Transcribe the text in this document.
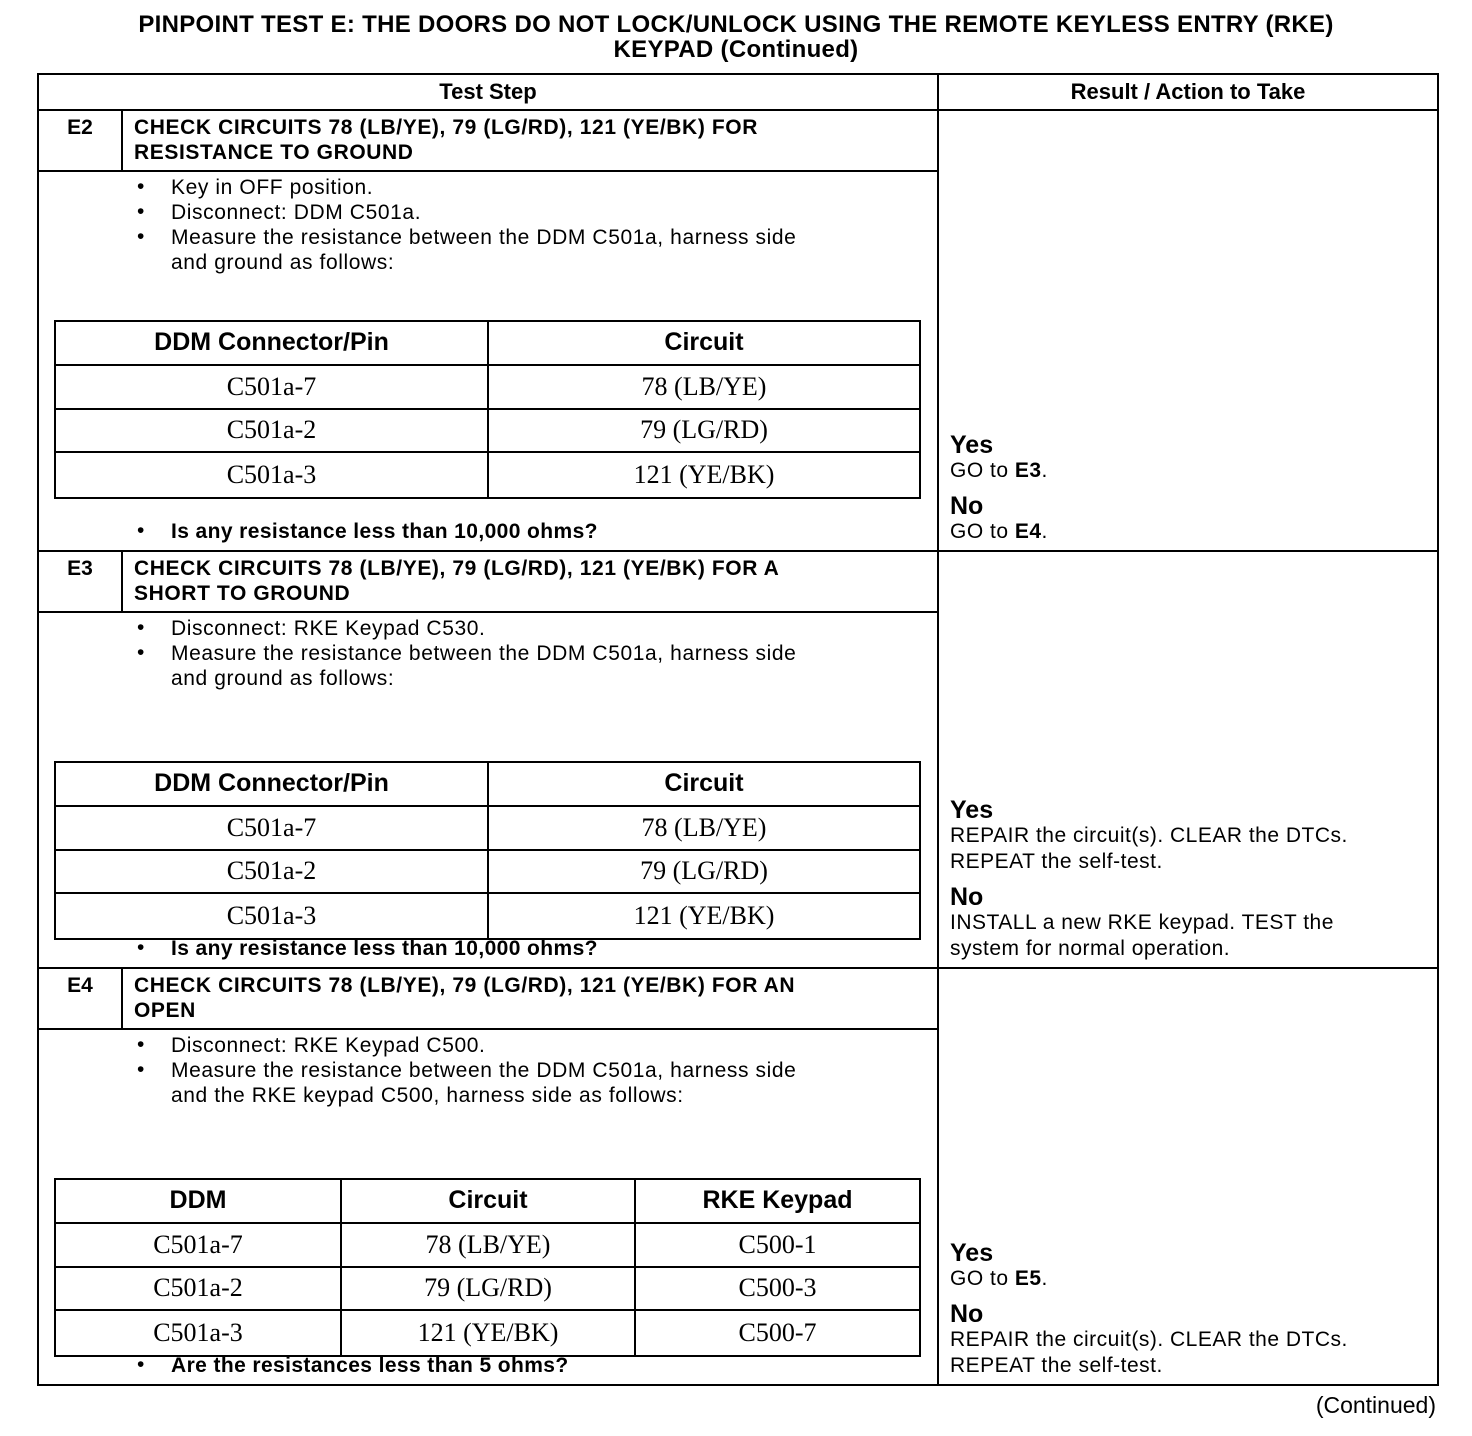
PINPOINT TEST E: THE DOORS DO NOT LOCK/UNLOCK USING THE REMOTE KEYLESS ENTRY (RKE)
KEYPAD (Continued)
Test Step	Result / Action to Take
E2	CHECK CIRCUITS 78 (LB/YE), 79 (LG/RD), 121 (YE/BK) FOR
RESISTANCE TO GROUND
• Key in OFF position.
• Disconnect: DDM C501a.
• Measure the resistance between the DDM C501a, harness side
and ground as follows:
DDM Connector/Pin	Circuit
C501a-7	78 (LB/YE)
C501a-2	79 (LG/RD)
C501a-3	121 (YE/BK)
• Is any resistance less than 10,000 ohms?
Yes
GO to E3.
No
GO to E4.
E3	CHECK CIRCUITS 78 (LB/YE), 79 (LG/RD), 121 (YE/BK) FOR A
SHORT TO GROUND
• Disconnect: RKE Keypad C530.
• Measure the resistance between the DDM C501a, harness side
and ground as follows:
DDM Connector/Pin	Circuit
C501a-7	78 (LB/YE)
C501a-2	79 (LG/RD)
C501a-3	121 (YE/BK)
• Is any resistance less than 10,000 ohms?
Yes
REPAIR the circuit(s). CLEAR the DTCs.
REPEAT the self-test.
No
INSTALL a new RKE keypad. TEST the
system for normal operation.
E4	CHECK CIRCUITS 78 (LB/YE), 79 (LG/RD), 121 (YE/BK) FOR AN
OPEN
• Disconnect: RKE Keypad C500.
• Measure the resistance between the DDM C501a, harness side
and the RKE keypad C500, harness side as follows:
DDM	Circuit	RKE Keypad
C501a-7	78 (LB/YE)	C500-1
C501a-2	79 (LG/RD)	C500-3
C501a-3	121 (YE/BK)	C500-7
• Are the resistances less than 5 ohms?
Yes
GO to E5.
No
REPAIR the circuit(s). CLEAR the DTCs.
REPEAT the self-test.
(Continued)
